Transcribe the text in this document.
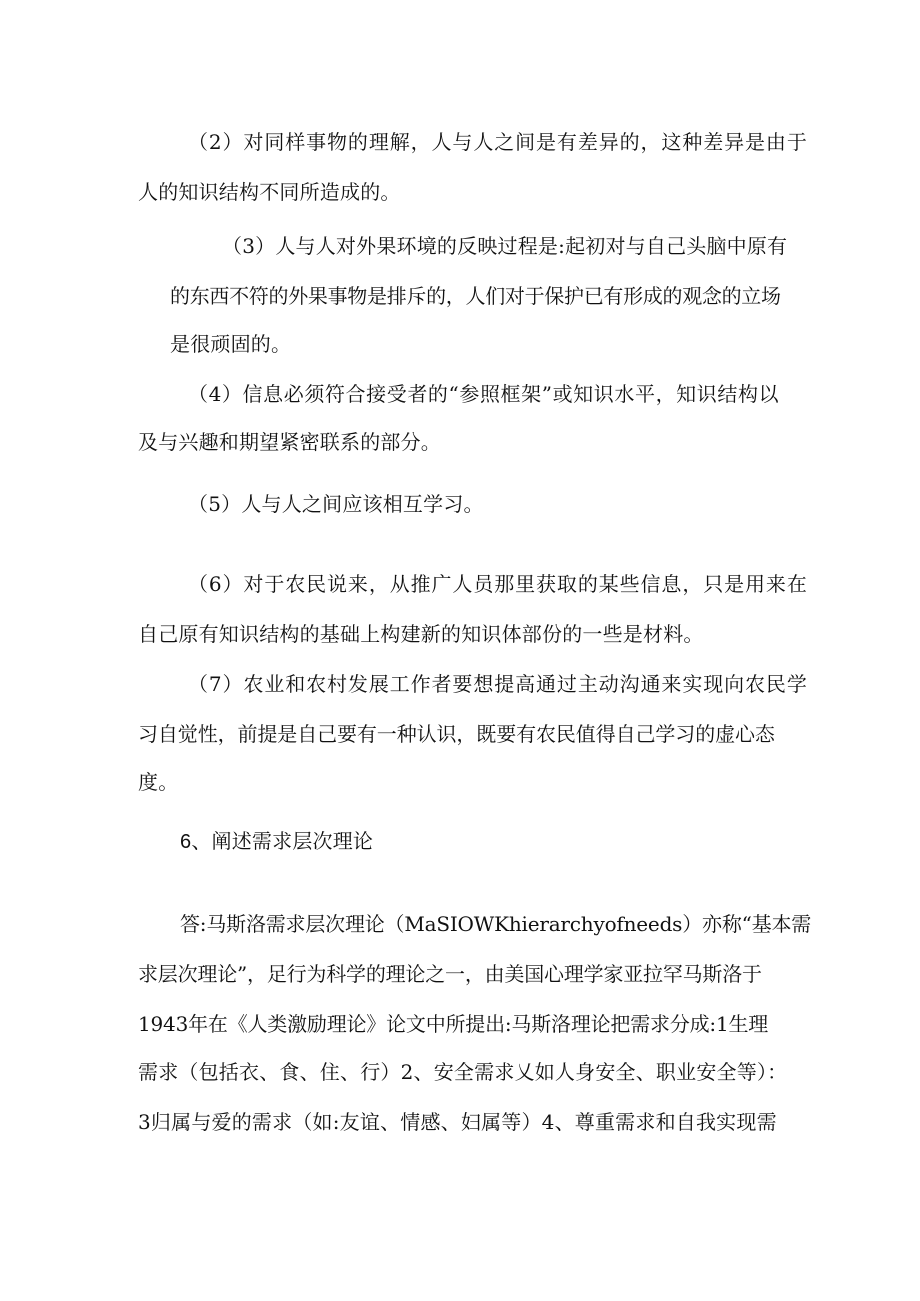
（2）对同样事物的理解，人与人之间是有差异的，这种差异是由于

人的知识结构不同所造成的。

（3）人与人对外果环境的反映过程是:起初对与自己头脑中原有

的东西不符的外果事物是排斥的，人们对于保护已有形成的观念的立场

是很顽固的。

（4）信息必须符合接受者的“参照框架”或知识水平，知识结构以

及与兴趣和期望紧密联系的部分。

（5）人与人之间应该相互学习。

（6）对于农民说来，从推广人员那里获取的某些信息，只是用来在

自己原有知识结构的基础上构建新的知识体部份的一些是材料。

（7）农业和农村发展工作者要想提高通过主动沟通来实现向农民学

习自觉性，前提是自己要有一种认识，既要有农民值得自己学习的虚心态

度。

6、阐述需求层次理论

答:马斯洛需求层次理论（MaSIOWKhierarchyofneeds）亦称“基本需

求层次理论”，足行为科学的理论之一，由美国心理学家亚拉罕马斯洛于

1943年在《人类激励理论》论文中所提出:马斯洛理论把需求分成:1生理

需求（包括衣、食、住、行）2、安全需求乂如人身安全、职业安全等）：

3归属与爱的需求（如:友谊、情感、妇属等）4、尊重需求和自我实现需
